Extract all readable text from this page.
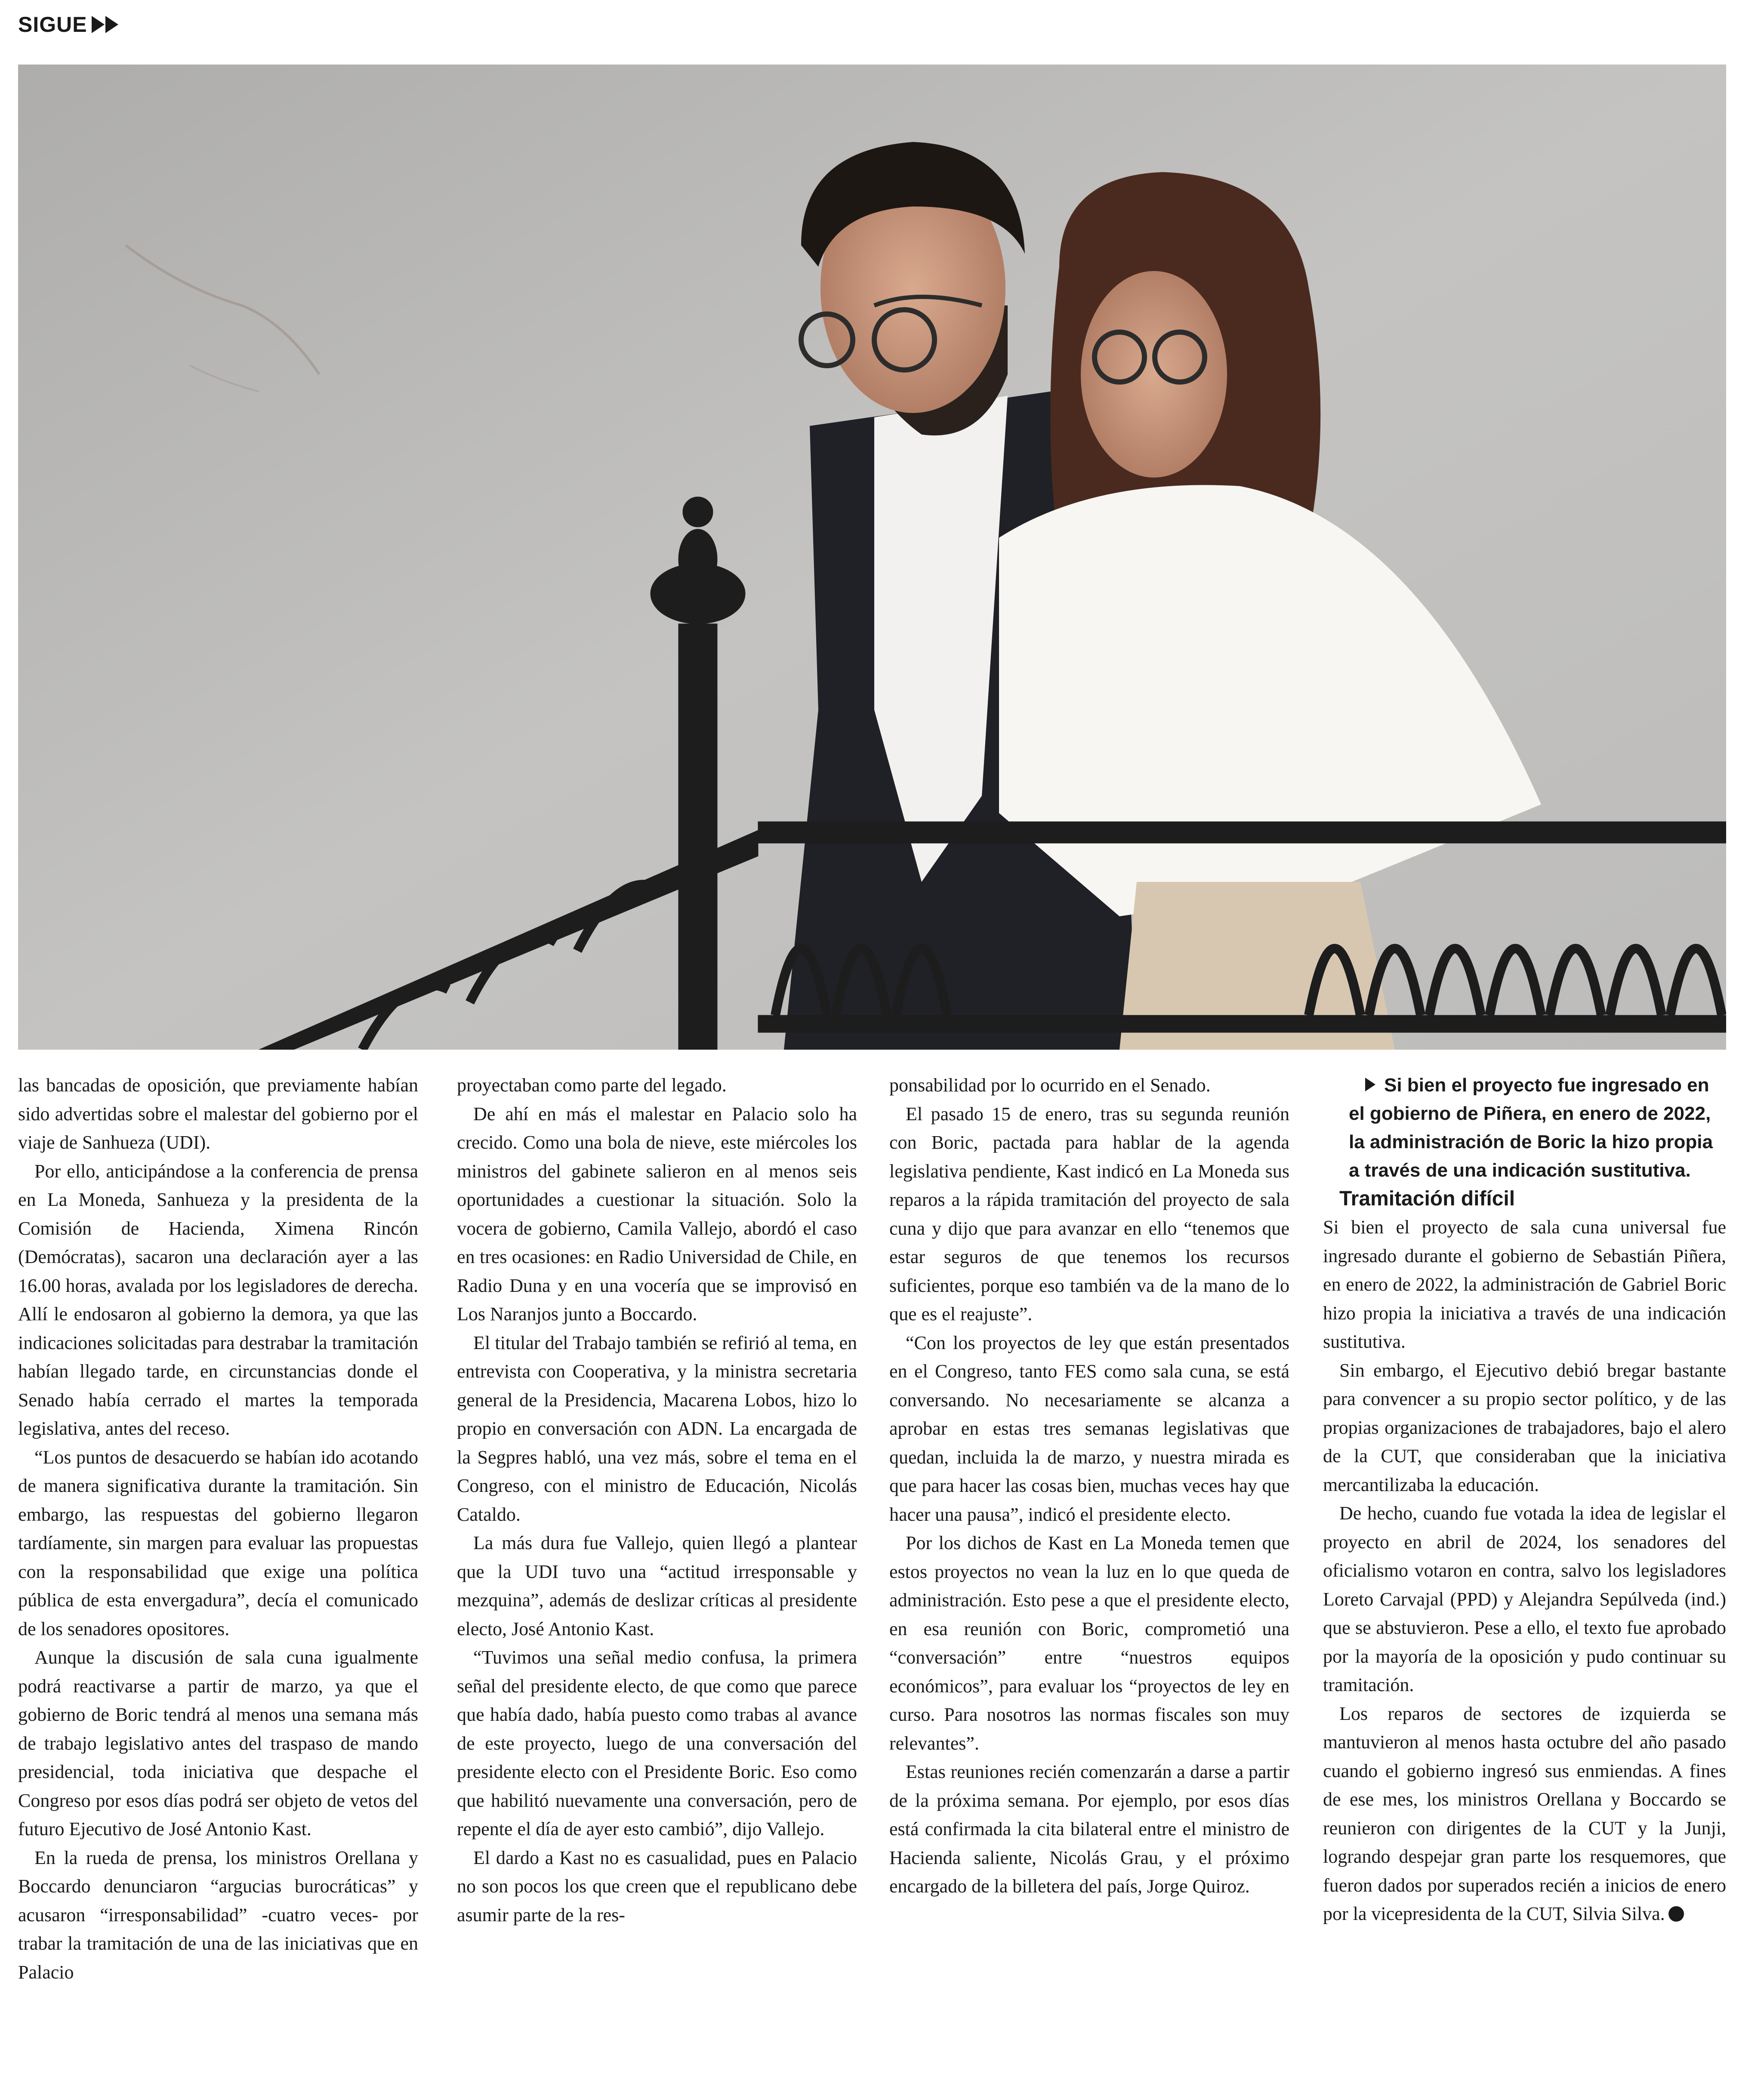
SIGUE

las bancadas de oposición, que previamente habían sido advertidas sobre el malestar del gobierno por el viaje de Sanhueza (UDI).

Por ello, anticipándose a la conferencia de prensa en La Moneda, Sanhueza y la presidenta de la Comisión de Hacienda, Ximena Rincón (Demócratas), sacaron una declaración ayer a las 16.00 horas, avalada por los legisladores de derecha. Allí le endosaron al gobierno la demora, ya que las indicaciones solicitadas para destrabar la tramitación habían llegado tarde, en circunstancias donde el Senado había cerrado el martes la temporada legislativa, antes del receso.

“Los puntos de desacuerdo se habían ido acotando de manera significativa durante la tramitación. Sin embargo, las respuestas del gobierno llegaron tardíamente, sin margen para evaluar las propuestas con la responsabilidad que exige una política pública de esta envergadura”, decía el comunicado de los senadores opositores.

Aunque la discusión de sala cuna igualmente podrá reactivarse a partir de marzo, ya que el gobierno de Boric tendrá al menos una semana más de trabajo legislativo antes del traspaso de mando presidencial, toda iniciativa que despache el Congreso por esos días podrá ser objeto de vetos del futuro Ejecutivo de José Antonio Kast.

En la rueda de prensa, los ministros Orellana y Boccardo denunciaron “argucias burocráticas” y acusaron “irresponsabilidad” -cuatro veces- por trabar la tramitación de una de las iniciativas que en Palacio

proyectaban como parte del legado.

De ahí en más el malestar en Palacio solo ha crecido. Como una bola de nieve, este miércoles los ministros del gabinete salieron en al menos seis oportunidades a cuestionar la situación. Solo la vocera de gobierno, Camila Vallejo, abordó el caso en tres ocasiones: en Radio Universidad de Chile, en Radio Duna y en una vocería que se improvisó en Los Naranjos junto a Boccardo.

El titular del Trabajo también se refirió al tema, en entrevista con Cooperativa, y la ministra secretaria general de la Presidencia, Macarena Lobos, hizo lo propio en conversación con ADN. La encargada de la Segpres habló, una vez más, sobre el tema en el Congreso, con el ministro de Educación, Nicolás Cataldo.

La más dura fue Vallejo, quien llegó a plantear que la UDI tuvo una “actitud irresponsable y mezquina”, además de deslizar críticas al presidente electo, José Antonio Kast.

“Tuvimos una señal medio confusa, la primera señal del presidente electo, de que como que parece que había dado, había puesto como trabas al avance de este proyecto, luego de una conversación del presidente electo con el Presidente Boric. Eso como que habilitó nuevamente una conversación, pero de repente el día de ayer esto cambió”, dijo Vallejo.

El dardo a Kast no es casualidad, pues en Palacio no son pocos los que creen que el republicano debe asumir parte de la res-

ponsabilidad por lo ocurrido en el Senado.

El pasado 15 de enero, tras su segunda reunión con Boric, pactada para hablar de la agenda legislativa pendiente, Kast indicó en La Moneda sus reparos a la rápida tramitación del proyecto de sala cuna y dijo que para avanzar en ello “tenemos que estar seguros de que tenemos los recursos suficientes, porque eso también va de la mano de lo que es el reajuste”.

“Con los proyectos de ley que están presentados en el Congreso, tanto FES como sala cuna, se está conversando. No necesariamente se alcanza a aprobar en estas tres semanas legislativas que quedan, incluida la de marzo, y nuestra mirada es que para hacer las cosas bien, muchas veces hay que hacer una pausa”, indicó el presidente electo.

Por los dichos de Kast en La Moneda temen que estos proyectos no vean la luz en lo que queda de administración. Esto pese a que el presidente electo, en esa reunión con Boric, comprometió una “conversación” entre “nuestros equipos económicos”, para evaluar los “proyectos de ley en curso. Para nosotros las normas fiscales son muy relevantes”.

Estas reuniones recién comenzarán a darse a partir de la próxima semana. Por ejemplo, por esos días está confirmada la cita bilateral entre el ministro de Hacienda saliente, Nicolás Grau, y el próximo encargado de la billetera del país, Jorge Quiroz.

Si bien el proyecto fue ingresado en el gobierno de Piñera, en enero de 2022, la administración de Boric la hizo propia a través de una indicación sustitutiva.

Tramitación difícil

Si bien el proyecto de sala cuna universal fue ingresado durante el gobierno de Sebastián Piñera, en enero de 2022, la administración de Gabriel Boric hizo propia la iniciativa a través de una indicación sustitutiva.

Sin embargo, el Ejecutivo debió bregar bastante para convencer a su propio sector político, y de las propias organizaciones de trabajadores, bajo el alero de la CUT, que consideraban que la iniciativa mercantilizaba la educación.

De hecho, cuando fue votada la idea de legislar el proyecto en abril de 2024, los senadores del oficialismo votaron en contra, salvo los legisladores Loreto Carvajal (PPD) y Alejandra Sepúlveda (ind.) que se abstuvieron. Pese a ello, el texto fue aprobado por la mayoría de la oposición y pudo continuar su tramitación.

Los reparos de sectores de izquierda se mantuvieron al menos hasta octubre del año pasado cuando el gobierno ingresó sus enmiendas. A fines de ese mes, los ministros Orellana y Boccardo se reunieron con dirigentes de la CUT y la Junji, logrando despejar gran parte los resquemores, que fueron dados por superados recién a inicios de enero por la vicepresidenta de la CUT, Silvia Silva.
